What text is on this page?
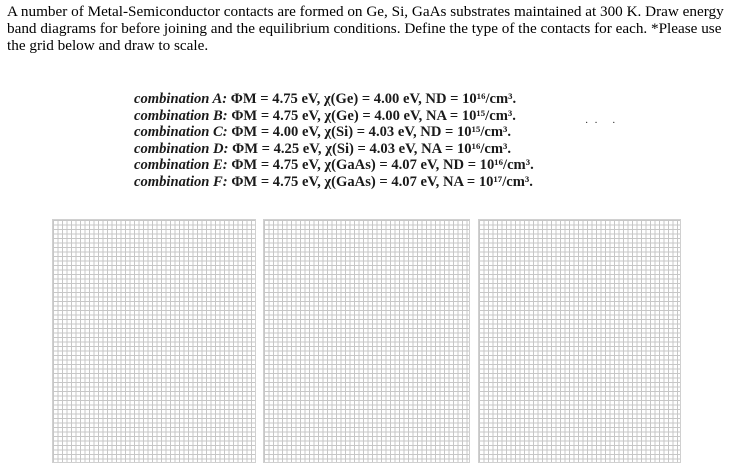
A number of Metal-Semiconductor contacts are formed on Ge, Si, GaAs substrates maintained at 300 K. Draw energy band diagrams for before joining and the equilibrium conditions. Define the type of the contacts for each. *Please use the grid below and draw to scale.

combination A: ΦM = 4.75 eV, χ(Ge) = 4.00 eV, ND = 10¹⁶/cm³.
combination B: ΦM = 4.75 eV, χ(Ge) = 4.00 eV, NA = 10¹⁵/cm³.
combination C: ΦM = 4.00 eV, χ(Si) = 4.03 eV, ND = 10¹⁵/cm³.
combination D: ΦM = 4.25 eV, χ(Si) = 4.03 eV, NA = 10¹⁶/cm³.
combination E: ΦM = 4.75 eV, χ(GaAs) = 4.07 eV, ND = 10¹⁶/cm³.
combination F: ΦM = 4.75 eV, χ(GaAs) = 4.07 eV, NA = 10¹⁷/cm³.
·· ·
